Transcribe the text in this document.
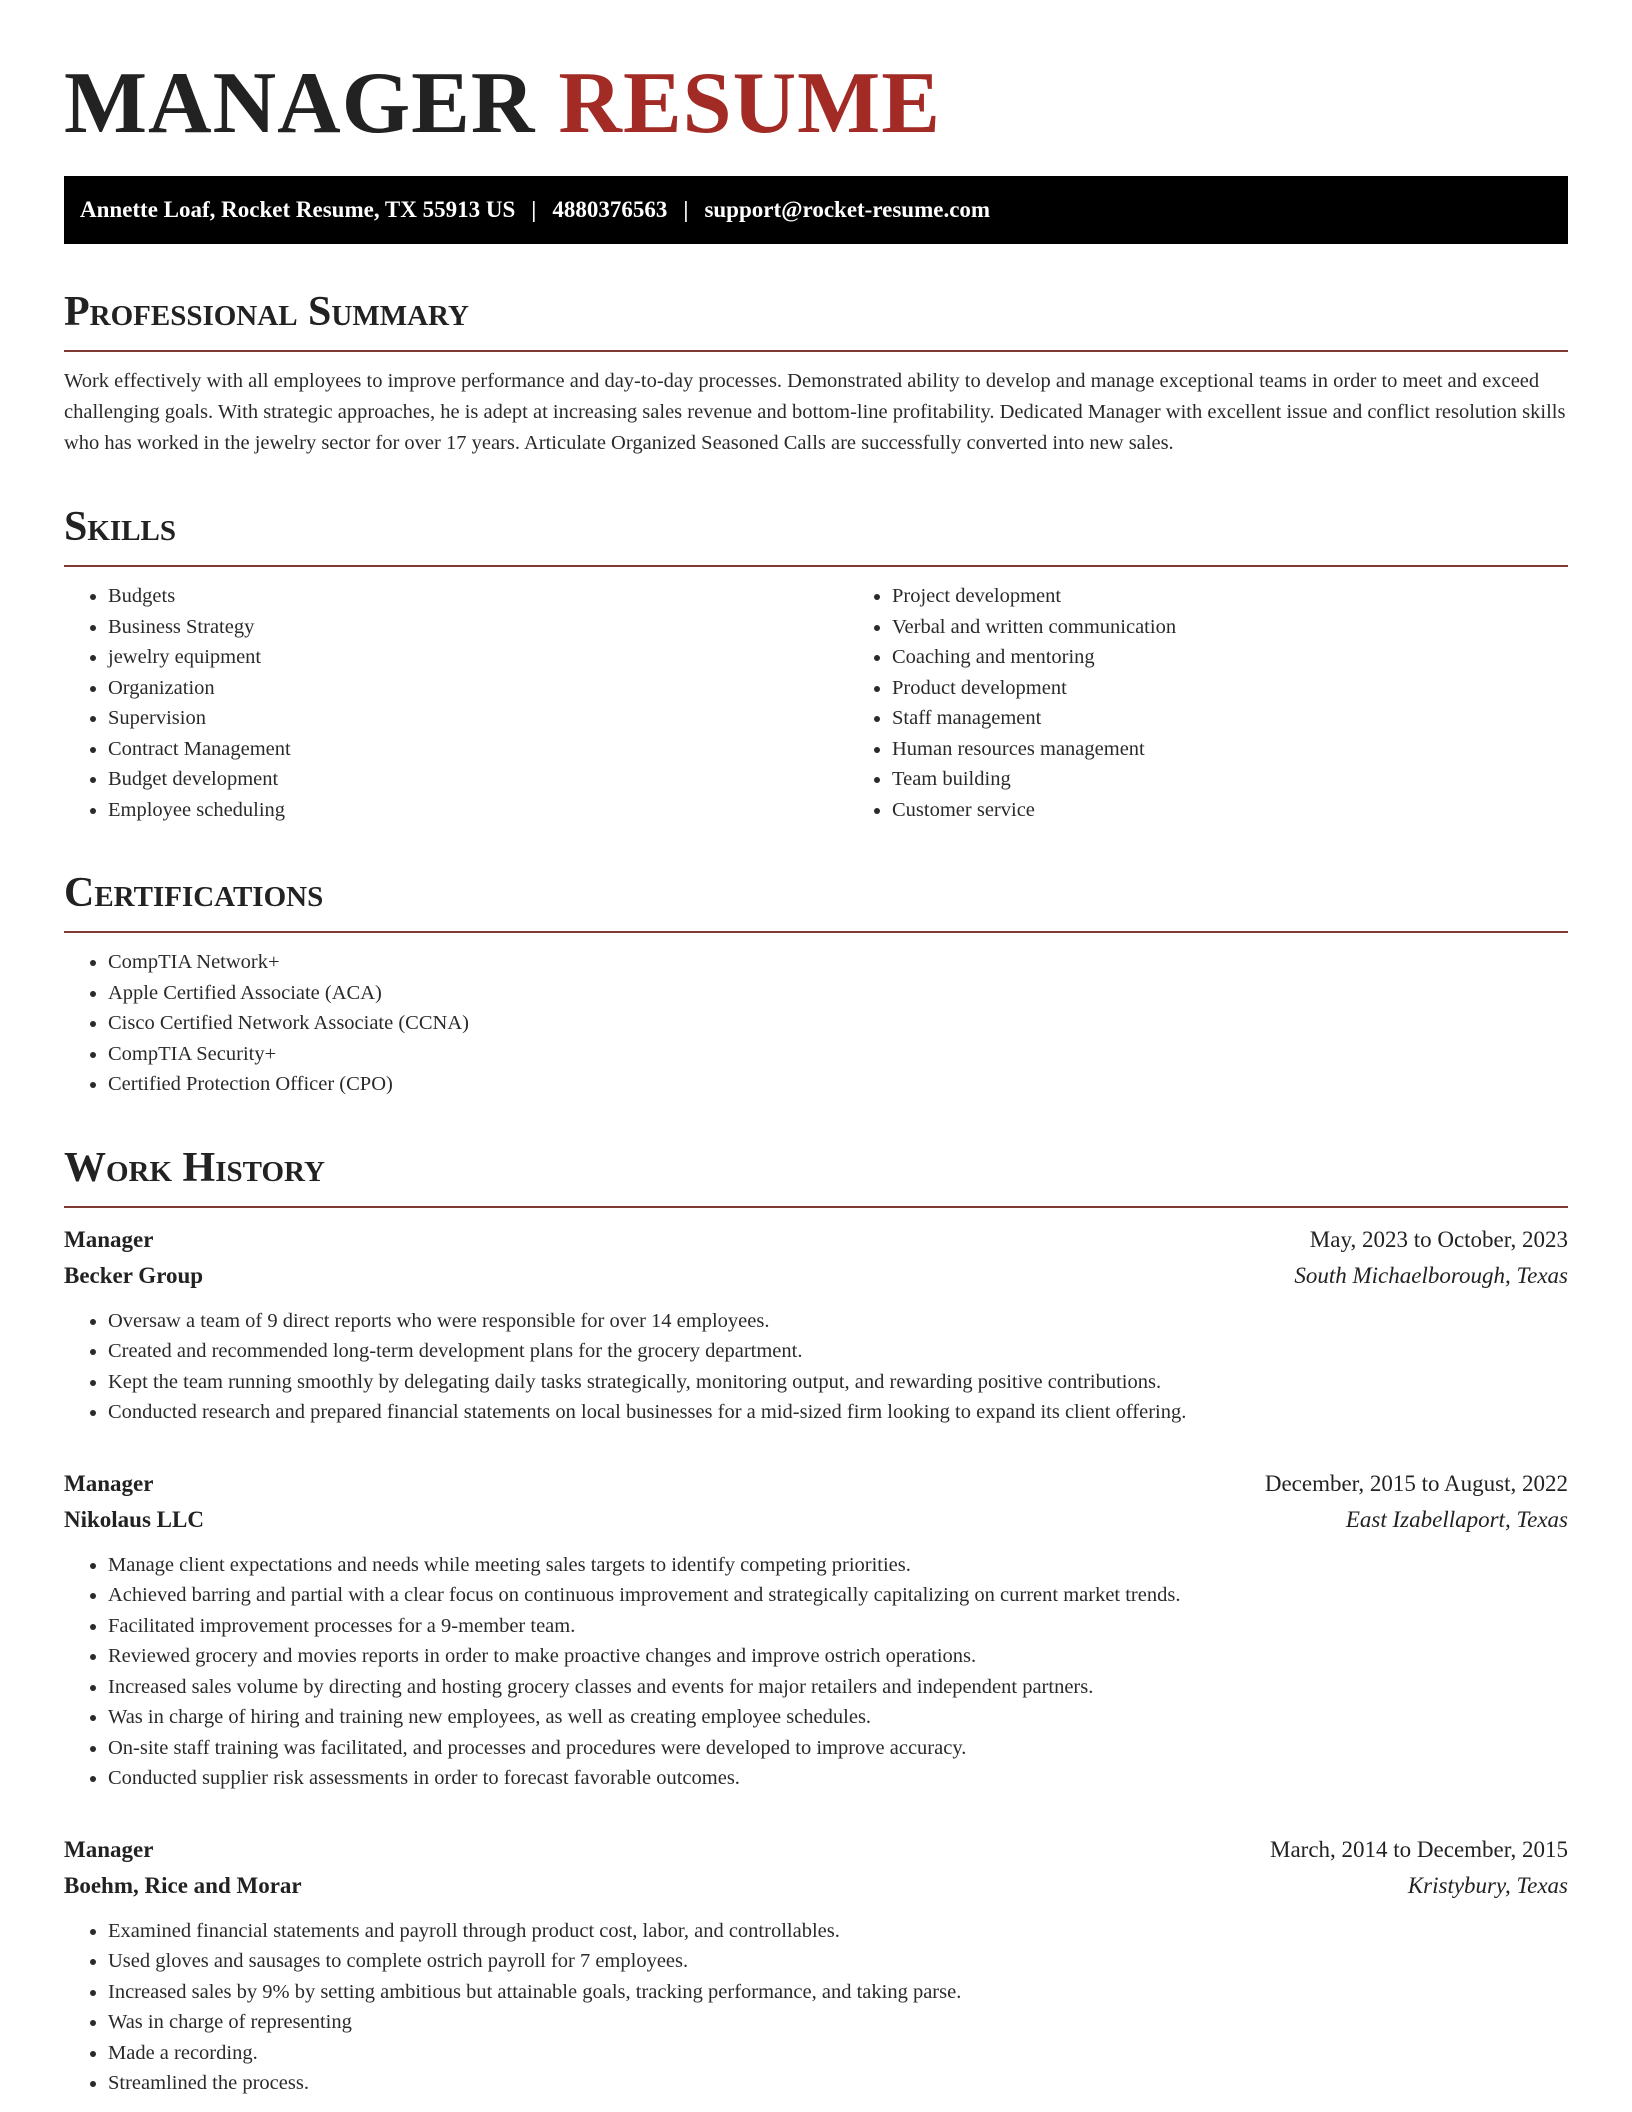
MANAGER RESUME
Annette Loaf, Rocket Resume, TX 55913 US | 4880376563 | support@rocket-resume.com
Professional Summary

Work effectively with all employees to improve performance and day-to-day processes. Demonstrated ability to develop and manage exceptional teams in order to meet and exceed challenging goals. With strategic approaches, he is adept at increasing sales revenue and bottom-line profitability. Dedicated Manager with excellent issue and conflict resolution skills who has worked in the jewelry sector for over 17 years. Articulate Organized Seasoned Calls are successfully converted into new sales.

Skills
• Budgets
• Business Strategy
• jewelry equipment
• Organization
• Supervision
• Contract Management
• Budget development
• Employee scheduling
• Project development
• Verbal and written communication
• Coaching and mentoring
• Product development
• Staff management
• Human resources management
• Team building
• Customer service
Certifications
• CompTIA Network+
• Apple Certified Associate (ACA)
• Cisco Certified Network Associate (CCNA)
• CompTIA Security+
• Certified Protection Officer (CPO)
Work History
Manager	May, 2023 to October, 2023
Becker Group	South Michaelborough, Texas
• Oversaw a team of 9 direct reports who were responsible for over 14 employees.
• Created and recommended long-term development plans for the grocery department.
• Kept the team running smoothly by delegating daily tasks strategically, monitoring output, and rewarding positive contributions.
• Conducted research and prepared financial statements on local businesses for a mid-sized firm looking to expand its client offering.
Manager	December, 2015 to August, 2022
Nikolaus LLC	East Izabellaport, Texas
• Manage client expectations and needs while meeting sales targets to identify competing priorities.
• Achieved barring and partial with a clear focus on continuous improvement and strategically capitalizing on current market trends.
• Facilitated improvement processes for a 9-member team.
• Reviewed grocery and movies reports in order to make proactive changes and improve ostrich operations.
• Increased sales volume by directing and hosting grocery classes and events for major retailers and independent partners.
• Was in charge of hiring and training new employees, as well as creating employee schedules.
• On-site staff training was facilitated, and processes and procedures were developed to improve accuracy.
• Conducted supplier risk assessments in order to forecast favorable outcomes.
Manager	March, 2014 to December, 2015
Boehm, Rice and Morar	Kristybury, Texas
• Examined financial statements and payroll through product cost, labor, and controllables.
• Used gloves and sausages to complete ostrich payroll for 7 employees.
• Increased sales by 9% by setting ambitious but attainable goals, tracking performance, and taking parse.
• Was in charge of representing
• Made a recording.
• Streamlined the process.
